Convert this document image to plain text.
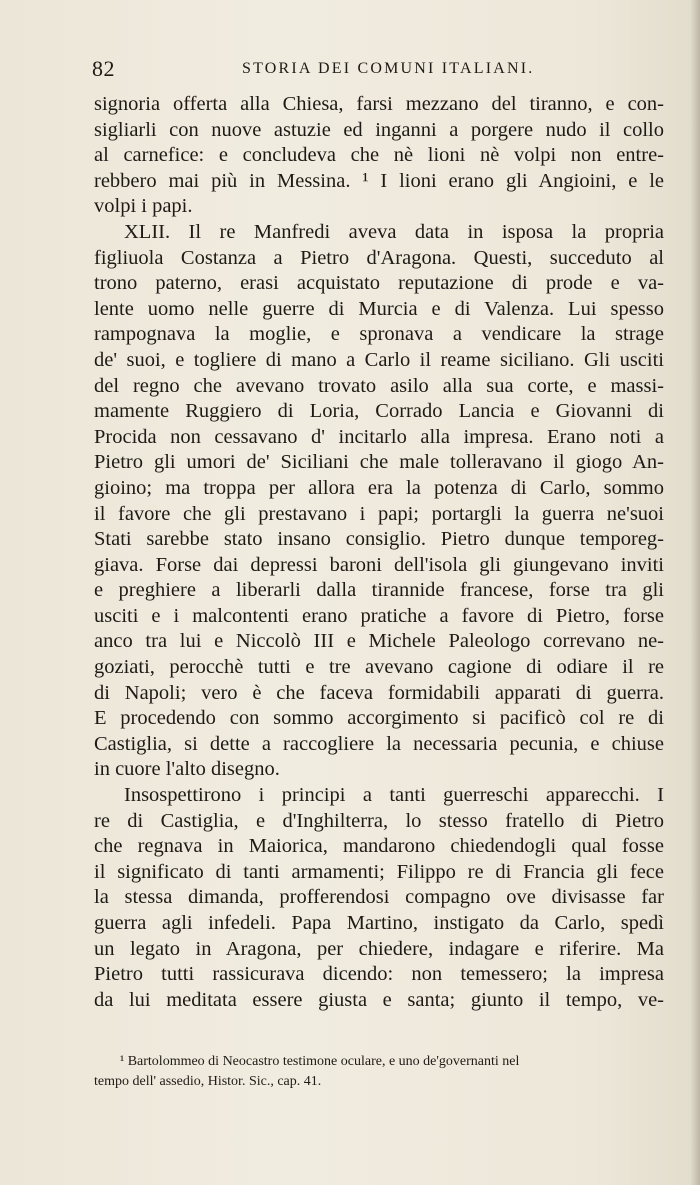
82	STORIA DEI COMUNI ITALIANI.
signoria offerta alla Chiesa, farsi mezzano del tiranno, e con-
sigliarli con nuove astuzie ed inganni a porgere nudo il collo
al carnefice: e concludeva che nè lioni nè volpi non entre-
rebbero mai più in Messina. ¹ I lioni erano gli Angioini, e le
volpi i papi.
XLII. Il re Manfredi aveva data in isposa la propria
figliuola Costanza a Pietro d'Aragona. Questi, succeduto al
trono paterno, erasi acquistato reputazione di prode e va-
lente uomo nelle guerre di Murcia e di Valenza. Lui spesso
rampognava la moglie, e spronava a vendicare la strage
de' suoi, e togliere di mano a Carlo il reame siciliano. Gli usciti
del regno che avevano trovato asilo alla sua corte, e massi-
mamente Ruggiero di Loria, Corrado Lancia e Giovanni di
Procida non cessavano d' incitarlo alla impresa. Erano noti a
Pietro gli umori de' Siciliani che male tolleravano il giogo An-
gioino; ma troppa per allora era la potenza di Carlo, sommo
il favore che gli prestavano i papi; portargli la guerra ne'suoi
Stati sarebbe stato insano consiglio. Pietro dunque temporeg-
giava. Forse dai depressi baroni dell'isola gli giungevano inviti
e preghiere a liberarli dalla tirannide francese, forse tra gli
usciti e i malcontenti erano pratiche a favore di Pietro, forse
anco tra lui e Niccolò III e Michele Paleologo correvano ne-
goziati, perocchè tutti e tre avevano cagione di odiare il re
di Napoli; vero è che faceva formidabili apparati di guerra.
E procedendo con sommo accorgimento si pacificò col re di
Castiglia, si dette a raccogliere la necessaria pecunia, e chiuse
in cuore l'alto disegno.
Insospettirono i principi a tanti guerreschi apparecchi. I
re di Castiglia, e d'Inghilterra, lo stesso fratello di Pietro
che regnava in Maiorica, mandarono chiedendogli qual fosse
il significato di tanti armamenti; Filippo re di Francia gli fece
la stessa dimanda, profferendosi compagno ove divisasse far
guerra agli infedeli. Papa Martino, instigato da Carlo, spedì
un legato in Aragona, per chiedere, indagare e riferire. Ma
Pietro tutti rassicurava dicendo: non temessero; la impresa
da lui meditata essere giusta e santa; giunto il tempo, ve-
¹ Bartolommeo di Neocastro testimone oculare, e uno de'governanti nel
tempo dell' assedio, Histor. Sic., cap. 41.
